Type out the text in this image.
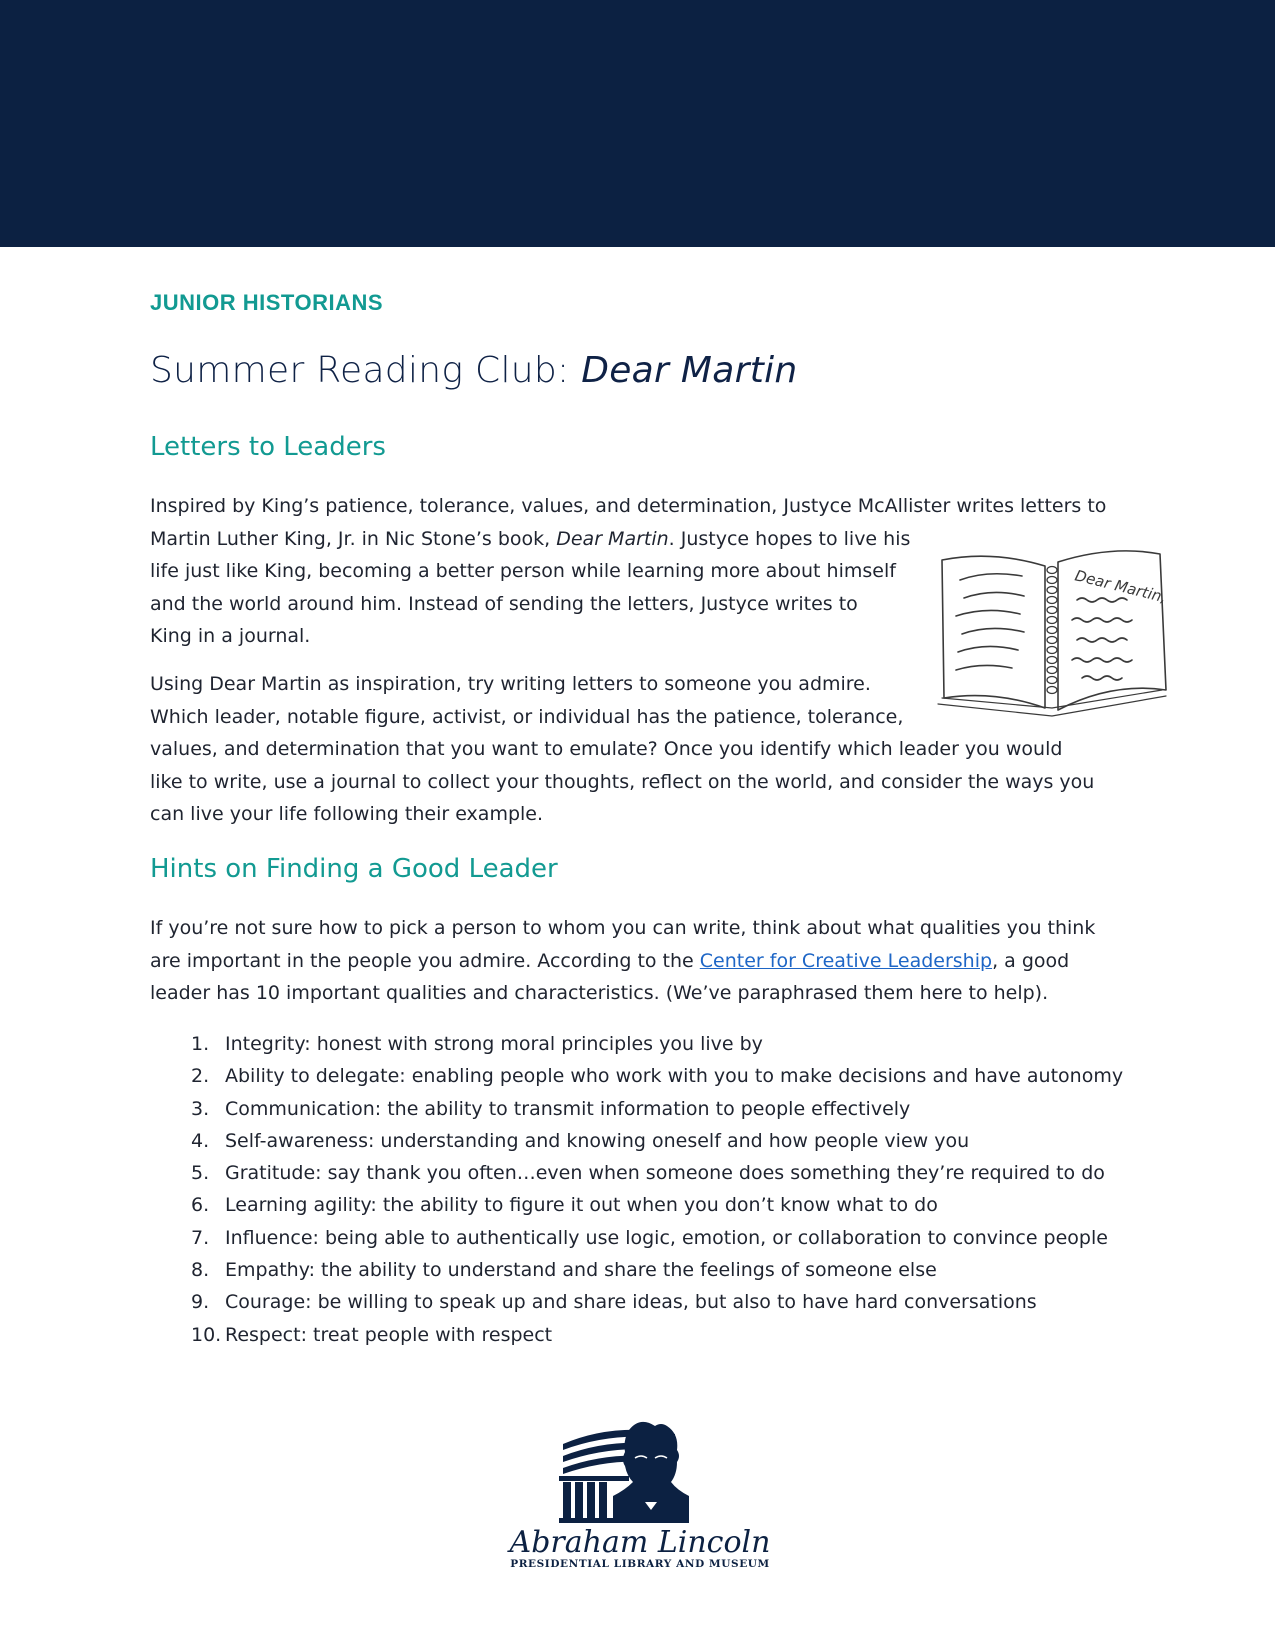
JUNIOR HISTORIANS
Summer Reading Club: Dear Martin
Letters to Leaders
Inspired by King’s patience, tolerance, values, and determination, Justyce McAllister writes letters to
Martin Luther King, Jr. in Nic Stone’s book, Dear Martin. Justyce hopes to live his
life just like King, becoming a better person while learning more about himself
and the world around him. Instead of sending the letters, Justyce writes to
King in a journal.
Using Dear Martin as inspiration, try writing letters to someone you admire.
Which leader, notable figure, activist, or individual has the patience, tolerance,
values, and determination that you want to emulate? Once you identify which leader you would
like to write, use a journal to collect your thoughts, reflect on the world, and consider the ways you
can live your life following their example.
Dear Martin,
Hints on Finding a Good Leader
If you’re not sure how to pick a person to whom you can write, think about what qualities you think
are important in the people you admire. According to the Center for Creative Leadership, a good
leader has 10 important qualities and characteristics. (We’ve paraphrased them here to help).
1. Integrity: honest with strong moral principles you live by
2. Ability to delegate: enabling people who work with you to make decisions and have autonomy
3. Communication: the ability to transmit information to people effectively
4. Self-awareness: understanding and knowing oneself and how people view you
5. Gratitude: say thank you often…even when someone does something they’re required to do
6. Learning agility: the ability to figure it out when you don’t know what to do
7. Influence: being able to authentically use logic, emotion, or collaboration to convince people
8. Empathy: the ability to understand and share the feelings of someone else
9. Courage: be willing to speak up and share ideas, but also to have hard conversations
10. Respect: treat people with respect
Abraham Lincoln
PRESIDENTIAL LIBRARY AND MUSEUM
